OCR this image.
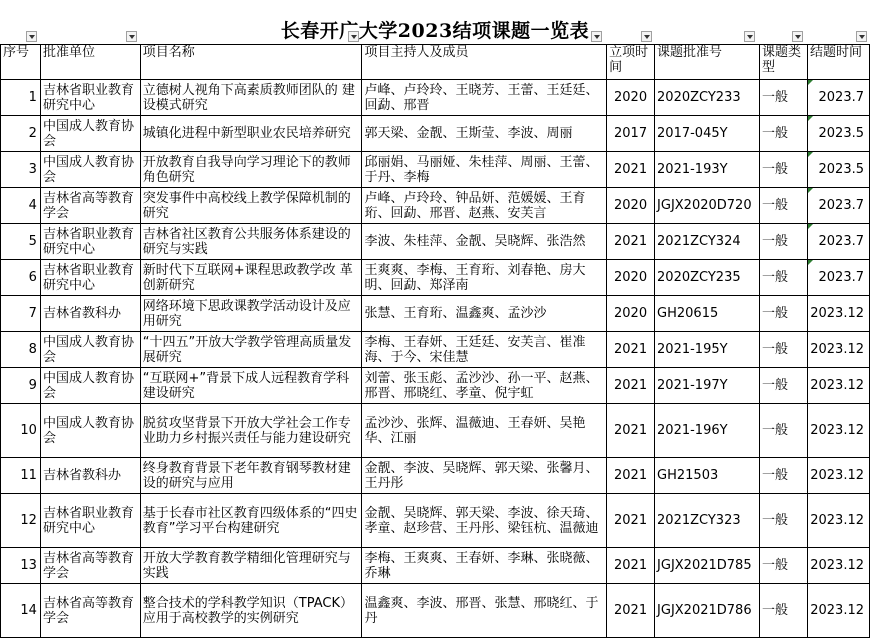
长春开广大学2023结项课题一览表
序号	批准单位	项目名称	项目主持人及成员	立项时间	课题批准号	课题类型	结题时间

1	吉林省职业教育研究中心	立德树人视角下高素质教师团队的 建设模式研究	卢峰、卢玲玲、王晓芳、王蕾、王廷廷、回勐、邢晋	2020	2020ZCY233	一般	2023.7
2	中国成人教育协会	城镇化进程中新型职业农民培养研究	郭天梁、金靓、王斯莹、李波、周丽	2017	2017-045Y	一般	2023.5
3	中国成人教育协会	开放教育自我导向学习理论下的教师角色研究	邱丽娟、马丽娅、朱桂萍、周丽、王蕾、于丹、李梅	2021	2021-193Y	一般	2023.5
4	吉林省高等教育学会	突发事件中高校线上教学保障机制的研究	卢峰、卢玲玲、钟品妍、范媛媛、王育珩、回勐、邢晋、赵燕、安芙言	2020	JGJX2020D720	一般	2023.7
5	吉林省职业教育研究中心	吉林省社区教育公共服务体系建设的研究与实践	李波、朱桂萍、金靓、吴晓辉、张浩然	2021	2021ZCY324	一般	2023.7
6	吉林省职业教育研究中心	新时代下互联网+课程思政教学改 革创新研究	王爽爽、李梅、王育珩、刘春艳、房大明、回勐、郑泽南	2020	2020ZCY235	一般	2023.7
7	吉林省教科办	网络环境下思政课教学活动设计及应用研究	张慧、王育珩、温鑫爽、孟沙沙	2020	GH20615	一般	2023.12
8	中国成人教育协会	“十四五”开放大学教学管理高质量发展研究	李梅、王春妍、王廷廷、安芙言、崔准海、于今、宋佳慧	2021	2021-195Y	一般	2023.12
9	中国成人教育协会	“互联网+”背景下成人远程教育学科建设研究	刘蕾、张玉彪、孟沙沙、孙一平、赵燕、邢晋、邢晓红、孝童、倪宇虹	2021	2021-197Y	一般	2023.12
10	中国成人教育协会	脱贫攻坚背景下开放大学社会工作专业助力乡村振兴责任与能力建设研究	孟沙沙、张辉、温薇迪、王春妍、吴艳华、江丽	2021	2021-196Y	一般	2023.12
11	吉林省教科办	终身教育背景下老年教育钢琴教材建设的研究与应用	金靓、李波、吴晓辉、郭天梁、张馨月、王丹彤	2021	GH21503	一般	2023.12
12	吉林省职业教育研究中心	基于长春市社区教育四级体系的“四史教育”学习平台构建研究	金靓、吴晓辉、郭天梁、李波、徐天琦、孝童、赵珍营、王丹彤、梁钰杭、温薇迪	2021	2021ZCY323	一般	2023.12
13	吉林省高等教育学会	开放大学教育教学精细化管理研究与实践	李梅、王爽爽、王春妍、李琳、张晓薇、乔琳	2021	JGJX2021D785	一般	2023.12
14	吉林省高等教育学会	整合技术的学科教学知识（TPACK）应用于高校教学的实例研究	温鑫爽、李波、邢晋、张慧、邢晓红、于丹	2021	JGJX2021D786	一般	2023.12
